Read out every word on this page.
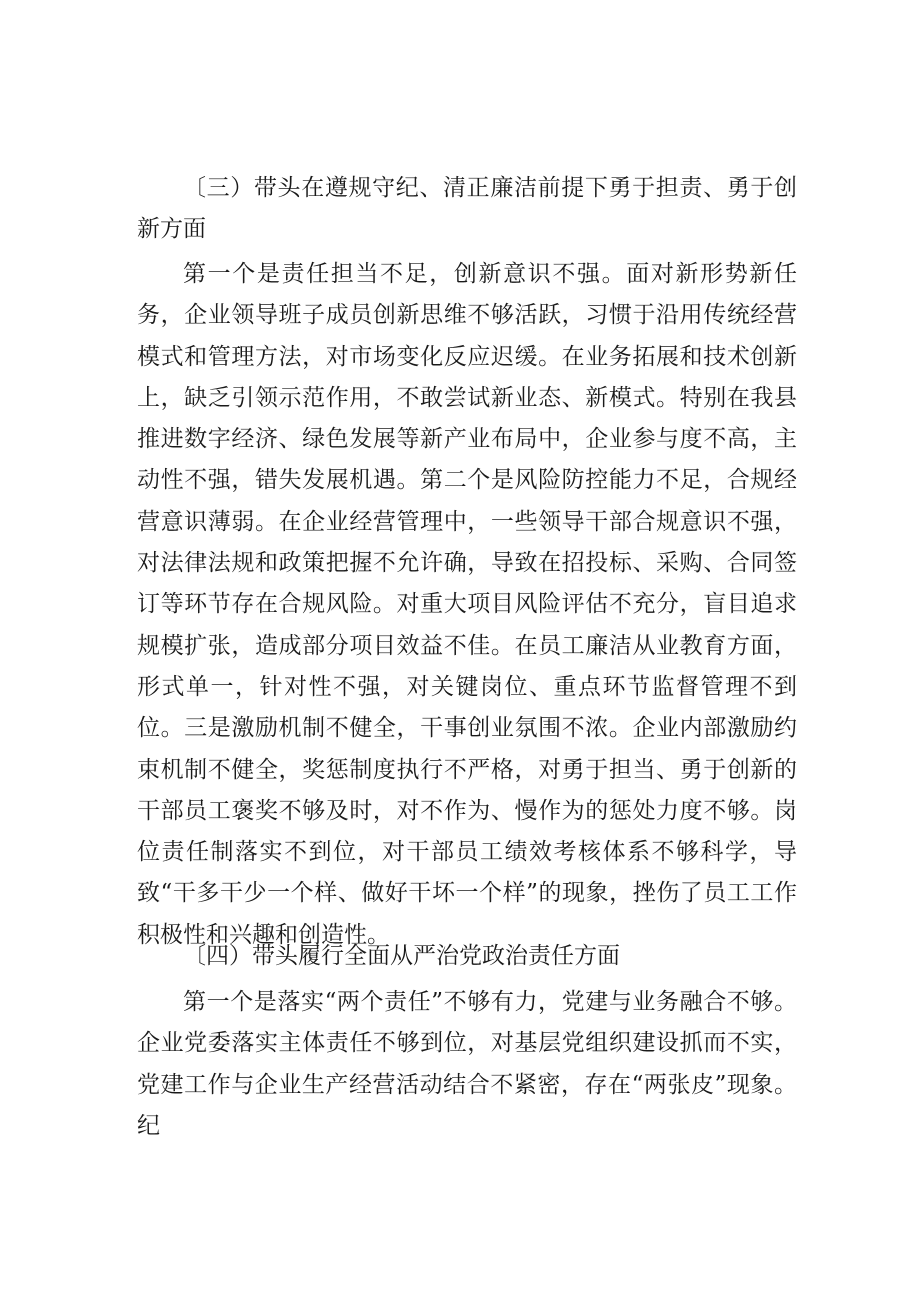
〔三）带头在遵规守纪、清正廉洁前提下勇于担责、勇于创新方面

第一个是责任担当不足，创新意识不强。面对新形势新任务，企业领导班子成员创新思维不够活跃，习惯于沿用传统经营模式和管理方法，对市场变化反应迟缓。在业务拓展和技术创新上，缺乏引领示范作用，不敢尝试新业态、新模式。特别在我县推进数字经济、绿色发展等新产业布局中，企业参与度不高，主动性不强，错失发展机遇。第二个是风险防控能力不足，合规经营意识薄弱。在企业经营管理中，一些领导干部合规意识不强，对法律法规和政策把握不允许确，导致在招投标、采购、合同签订等环节存在合规风险。对重大项目风险评估不充分，盲目追求规模扩张，造成部分项目效益不佳。在员工廉洁从业教育方面，形式单一，针对性不强，对关键岗位、重点环节监督管理不到位。三是激励机制不健全，干事创业氛围不浓。企业内部激励约束机制不健全，奖惩制度执行不严格，对勇于担当、勇于创新的干部员工褒奖不够及时，对不作为、慢作为的惩处力度不够。岗位责任制落实不到位，对干部员工绩效考核体系不够科学，导致“干多干少一个样、做好干坏一个样”的现象，挫伤了员工工作积极性和兴趣和创造性。

〔四）带头履行全面从严治党政治责任方面

第一个是落实“两个责任”不够有力，党建与业务融合不够。企业党委落实主体责任不够到位，对基层党组织建设抓而不实，党建工作与企业生产经营活动结合不紧密，存在“两张皮”现象。纪
